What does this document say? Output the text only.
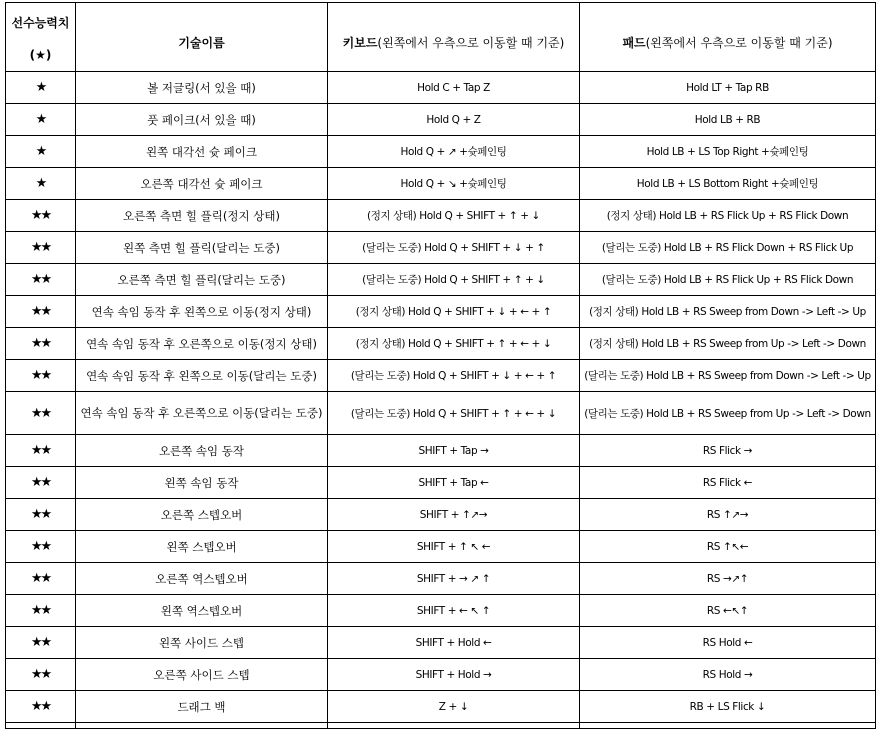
선수능력치
(★)	기술이름	키보드(왼쪽에서 우측으로 이동할 때 기준)	패드(왼쪽에서 우측으로 이동할 때 기준)
★	볼 저글링(서 있을 때)	Hold C + Tap Z	Hold LT + Tap RB
★	풋 페이크(서 있을 때)	Hold Q + Z	Hold LB + RB
★	왼쪽 대각선 슛 페이크	Hold Q + ↗ +슛페인팅	Hold LB + LS Top Right +슛페인팅
★	오른쪽 대각선 슛 페이크	Hold Q + ↘ +슛페인팅	Hold LB + LS Bottom Right +슛페인팅
★★	오른쪽 측면 힐 플릭(정지 상태)	(정지 상태) Hold Q + SHIFT + ↑ + ↓	(정지 상태) Hold LB + RS Flick Up + RS Flick Down
★★	왼쪽 측면 힐 플릭(달리는 도중)	(달리는 도중) Hold Q + SHIFT + ↓ + ↑	(달리는 도중) Hold LB + RS Flick Down + RS Flick Up
★★	오른쪽 측면 힐 플릭(달리는 도중)	(달리는 도중) Hold Q + SHIFT + ↑ + ↓	(달리는 도중) Hold LB + RS Flick Up + RS Flick Down
★★	연속 속임 동작 후 왼쪽으로 이동(정지 상태)	(정지 상태) Hold Q + SHIFT + ↓ + ← + ↑	(정지 상태) Hold LB + RS Sweep from Down -> Left -> Up
★★	연속 속임 동작 후 오른쪽으로 이동(정지 상태)	(정지 상태) Hold Q + SHIFT + ↑ + ← + ↓	(정지 상태) Hold LB + RS Sweep from Up -> Left -> Down
★★	연속 속임 동작 후 왼쪽으로 이동(달리는 도중)	(달리는 도중) Hold Q + SHIFT + ↓ + ← + ↑	(달리는 도중) Hold LB + RS Sweep from Down -> Left -> Up
★★	연속 속임 동작 후 오른쪽으로 이동(달리는 도중)	(달리는 도중) Hold Q + SHIFT + ↑ + ← + ↓	(달리는 도중) Hold LB + RS Sweep from Up -> Left -> Down
★★	오른쪽 속임 동작	SHIFT + Tap →	RS Flick →
★★	왼쪽 속임 동작	SHIFT + Tap ←	RS Flick ←
★★	오른쪽 스텝오버	SHIFT + ↑↗→	RS ↑↗→
★★	왼쪽 스텝오버	SHIFT + ↑ ↖ ←	RS ↑↖←
★★	오른쪽 역스텝오버	SHIFT + → ↗ ↑	RS →↗↑
★★	왼쪽 역스텝오버	SHIFT + ← ↖ ↑	RS ←↖↑
★★	왼쪽 사이드 스텝	SHIFT + Hold ←	RS Hold ←
★★	오른쪽 사이드 스텝	SHIFT + Hold →	RS Hold →
★★	드래그 백	Z + ↓	RB + LS Flick ↓
